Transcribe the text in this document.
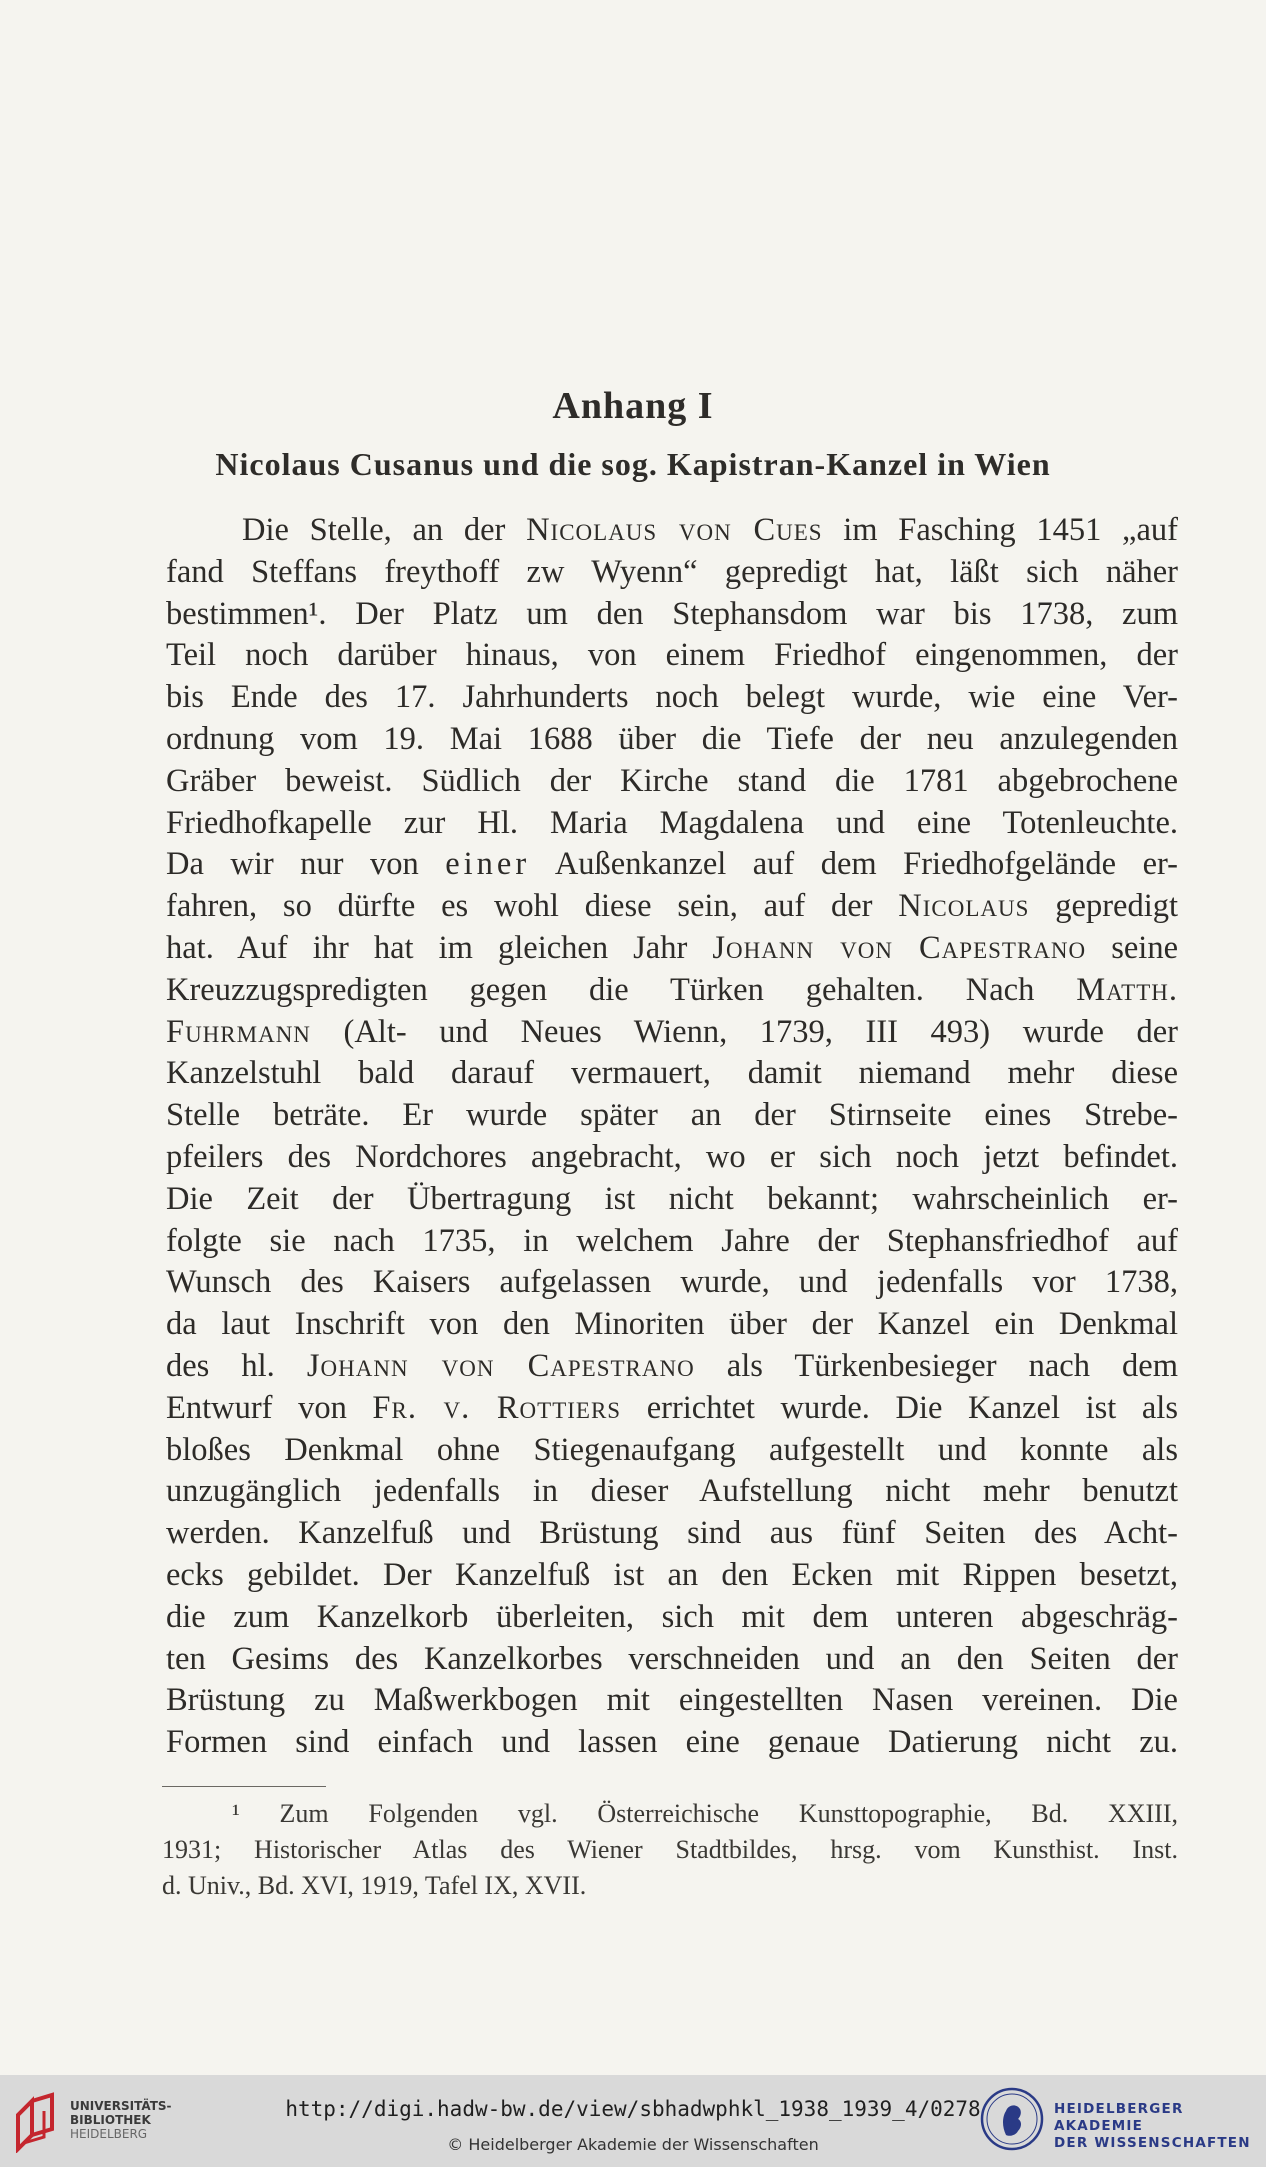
Anhang I
Nicolaus Cusanus und die sog. Kapistran-Kanzel in Wien
Die Stelle, an der Nicolaus von Cues im Fasching 1451 „auf
fand Steffans freythoff zw Wyenn“ gepredigt hat, läßt sich näher
bestimmen¹. Der Platz um den Stephansdom war bis 1738, zum
Teil noch darüber hinaus, von einem Friedhof eingenommen, der
bis Ende des 17. Jahrhunderts noch belegt wurde, wie eine Ver-
ordnung vom 19. Mai 1688 über die Tiefe der neu anzulegenden
Gräber beweist. Südlich der Kirche stand die 1781 abgebrochene
Friedhofkapelle zur Hl. Maria Magdalena und eine Totenleuchte.
Da wir nur von einer Außenkanzel auf dem Friedhofgelände er-
fahren, so dürfte es wohl diese sein, auf der Nicolaus gepredigt
hat. Auf ihr hat im gleichen Jahr Johann von Capestrano seine
Kreuzzugspredigten gegen die Türken gehalten. Nach Matth.
Fuhrmann (Alt- und Neues Wienn, 1739, III 493) wurde der
Kanzelstuhl bald darauf vermauert, damit niemand mehr diese
Stelle beträte. Er wurde später an der Stirnseite eines Strebe-
pfeilers des Nordchores angebracht, wo er sich noch jetzt befindet.
Die Zeit der Übertragung ist nicht bekannt; wahrscheinlich er-
folgte sie nach 1735, in welchem Jahre der Stephansfriedhof auf
Wunsch des Kaisers aufgelassen wurde, und jedenfalls vor 1738,
da laut Inschrift von den Minoriten über der Kanzel ein Denkmal
des hl. Johann von Capestrano als Türkenbesieger nach dem
Entwurf von Fr. v. Rottiers errichtet wurde. Die Kanzel ist als
bloßes Denkmal ohne Stiegenaufgang aufgestellt und konnte als
unzugänglich jedenfalls in dieser Aufstellung nicht mehr benutzt
werden. Kanzelfuß und Brüstung sind aus fünf Seiten des Acht-
ecks gebildet. Der Kanzelfuß ist an den Ecken mit Rippen besetzt,
die zum Kanzelkorb überleiten, sich mit dem unteren abgeschräg-
ten Gesims des Kanzelkorbes verschneiden und an den Seiten der
Brüstung zu Maßwerkbogen mit eingestellten Nasen vereinen. Die
Formen sind einfach und lassen eine genaue Datierung nicht zu.
¹ Zum Folgenden vgl. Österreichische Kunsttopographie, Bd. XXIII,
1931; Historischer Atlas des Wiener Stadtbildes, hrsg. vom Kunsthist. Inst.
d. Univ., Bd. XVI, 1919, Tafel IX, XVII.
UNIVERSITÄTS-
BIBLIOTHEK
HEIDELBERG
http://digi.hadw-bw.de/view/sbhadwphkl_1938_1939_4/0278
© Heidelberger Akademie der Wissenschaften
HEIDELBERGER AKADEMIE
DER WISSENSCHAFTEN
